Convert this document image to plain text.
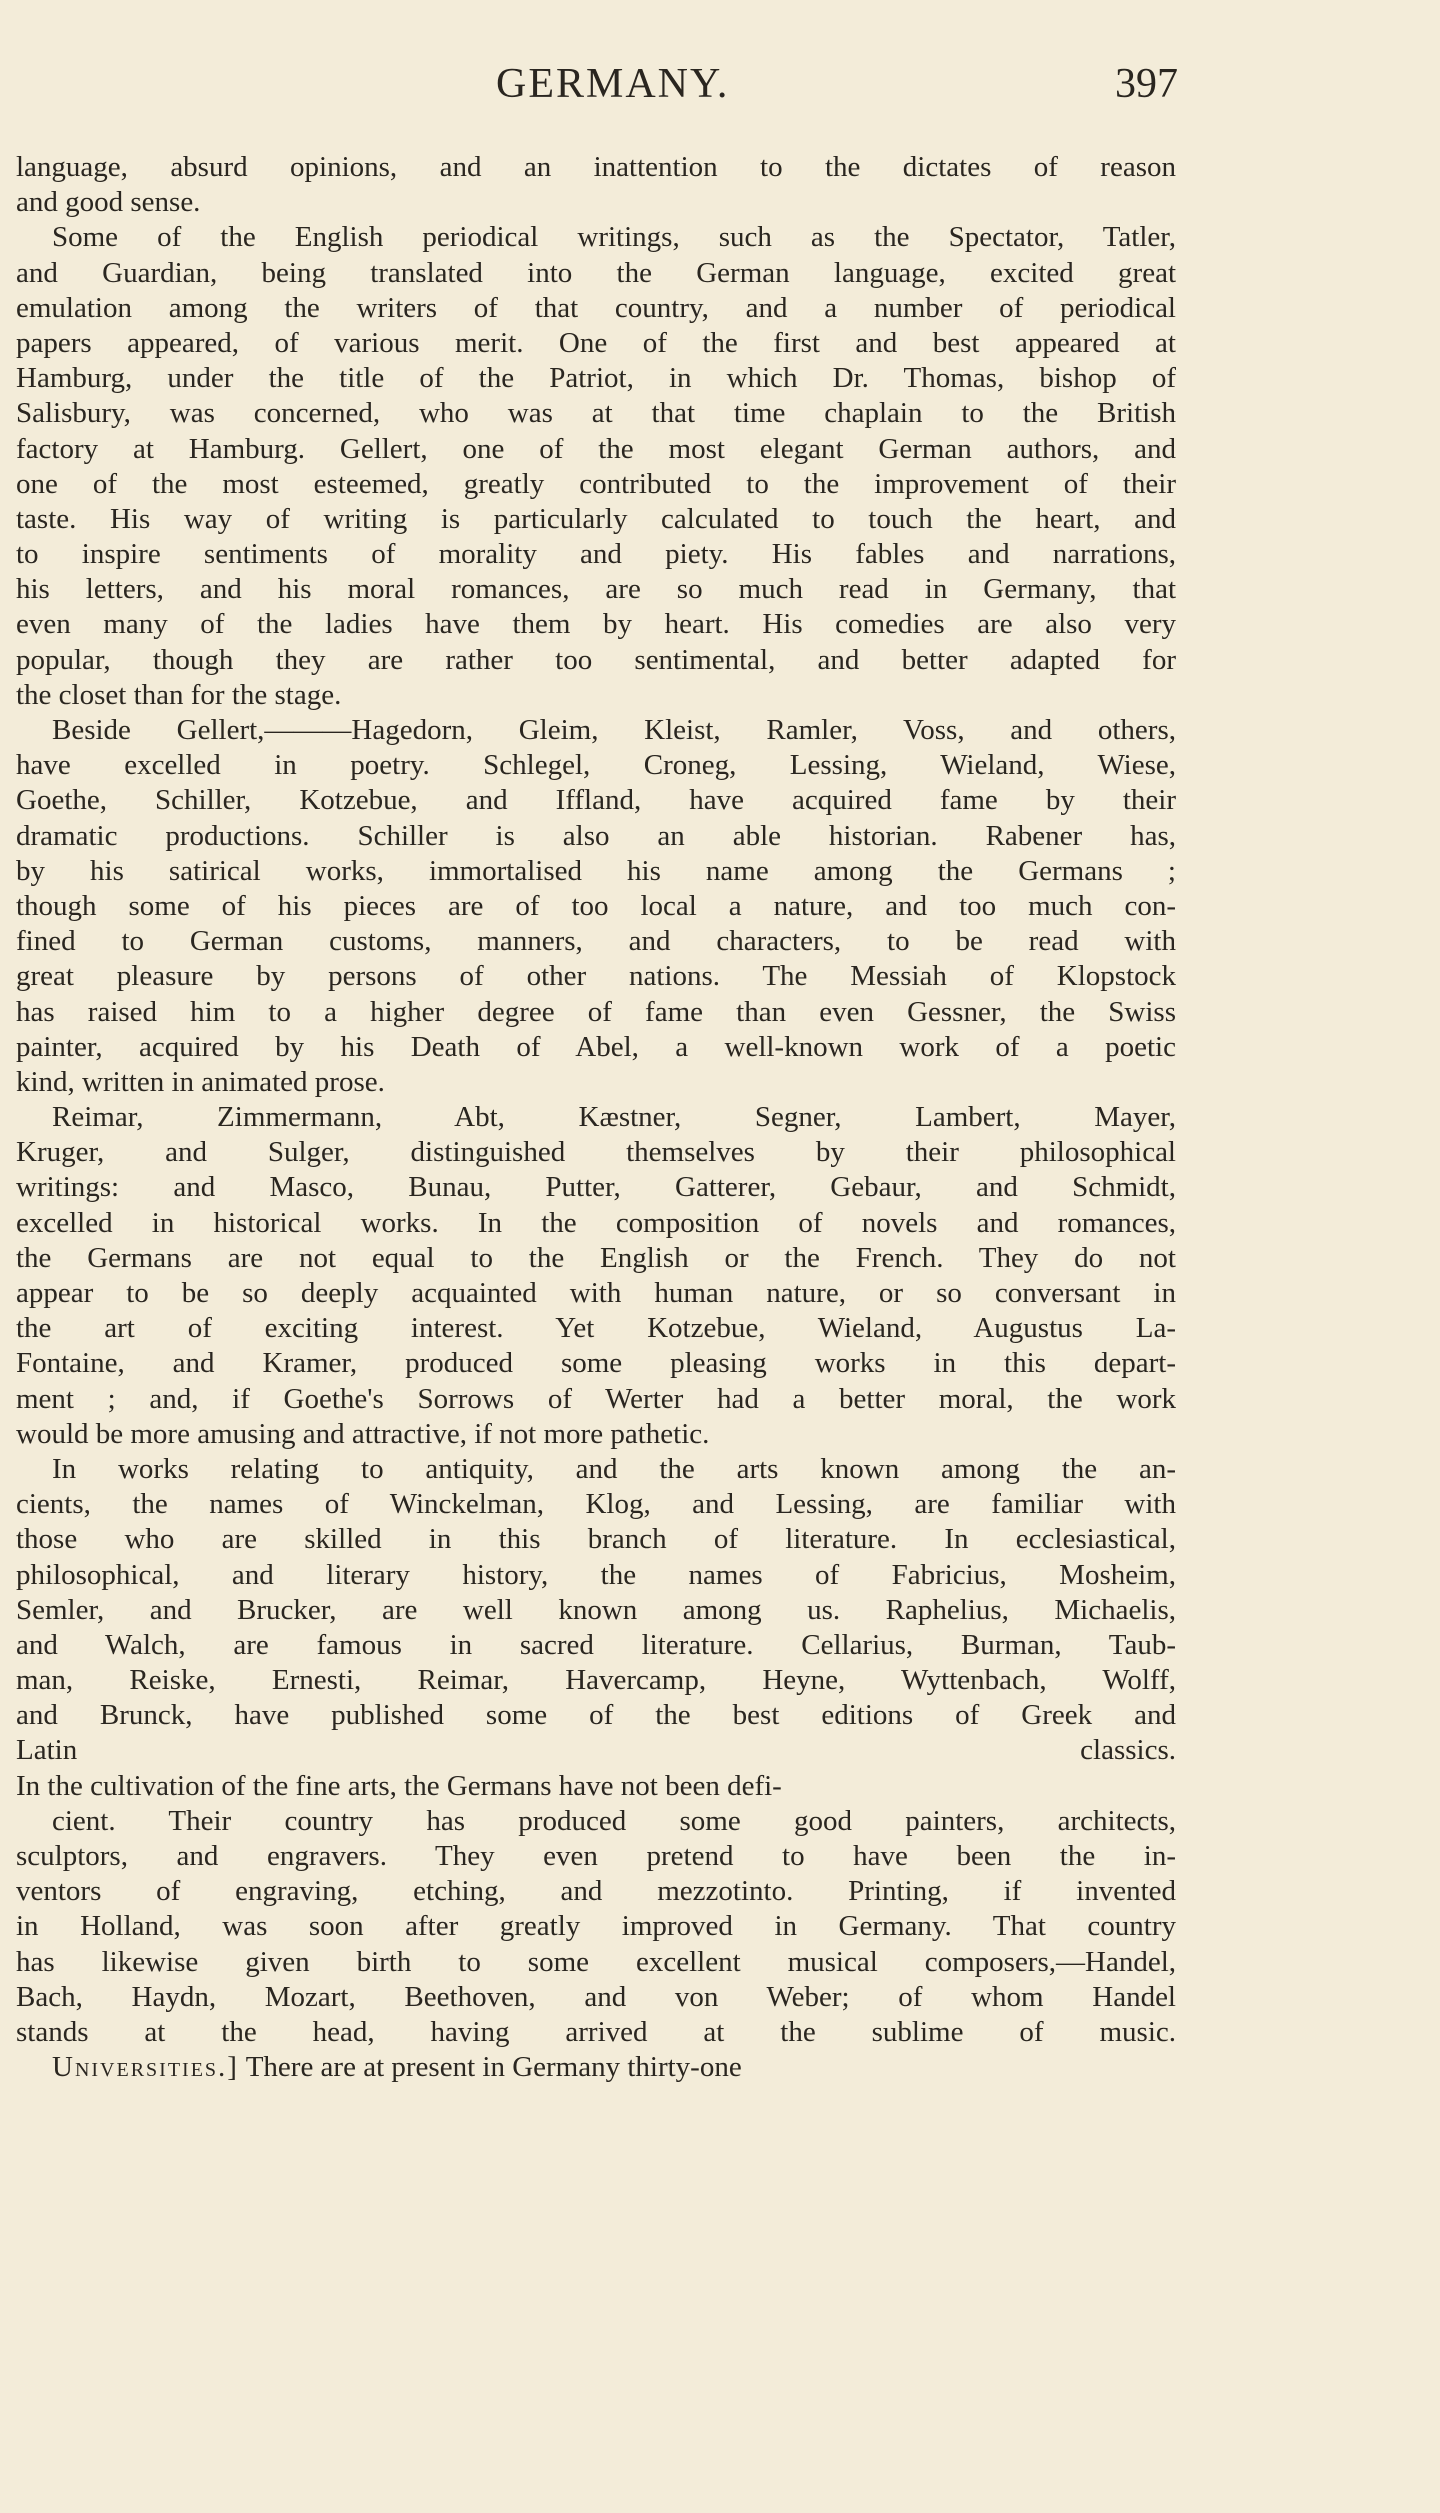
GERMANY.	397
language, absurd opinions, and an inattention to the dictates of reason
and good sense.
Some of the English periodical writings, such as the Spectator, Tatler,
and Guardian, being translated into the German language, excited great
emulation among the writers of that country, and a number of periodical
papers appeared, of various merit. One of the first and best appeared at
Hamburg, under the title of the Patriot, in which Dr. Thomas, bishop of
Salisbury, was concerned, who was at that time chaplain to the British
factory at Hamburg. Gellert, one of the most elegant German authors, and
one of the most esteemed, greatly contributed to the improvement of their
taste. His way of writing is particularly calculated to touch the heart, and
to inspire sentiments of morality and piety. His fables and narrations,
his letters, and his moral romances, are so much read in Germany, that
even many of the ladies have them by heart. His comedies are also very
popular, though they are rather too sentimental, and better adapted for
the closet than for the stage.
Beside Gellert,———Hagedorn, Gleim, Kleist, Ramler, Voss, and others,
have excelled in poetry. Schlegel, Croneg, Lessing, Wieland, Wiese,
Goethe, Schiller, Kotzebue, and Iffland, have acquired fame by their
dramatic productions. Schiller is also an able historian. Rabener has,
by his satirical works, immortalised his name among the Germans ;
though some of his pieces are of too local a nature, and too much con-
fined to German customs, manners, and characters, to be read with
great pleasure by persons of other nations. The Messiah of Klopstock
has raised him to a higher degree of fame than even Gessner, the Swiss
painter, acquired by his Death of Abel, a well-known work of a poetic
kind, written in animated prose.
Reimar, Zimmermann, Abt, Kæstner, Segner, Lambert, Mayer,
Kruger, and Sulger, distinguished themselves by their philosophical
writings: and Masco, Bunau, Putter, Gatterer, Gebaur, and Schmidt,
excelled in historical works. In the composition of novels and romances,
the Germans are not equal to the English or the French. They do not
appear to be so deeply acquainted with human nature, or so conversant in
the art of exciting interest. Yet Kotzebue, Wieland, Augustus La-
Fontaine, and Kramer, produced some pleasing works in this depart-
ment ; and, if Goethe's Sorrows of Werter had a better moral, the work
would be more amusing and attractive, if not more pathetic.
In works relating to antiquity, and the arts known among the an-
cients, the names of Winckelman, Klog, and Lessing, are familiar with
those who are skilled in this branch of literature. In ecclesiastical,
philosophical, and literary history, the names of Fabricius, Mosheim,
Semler, and Brucker, are well known among us. Raphelius, Michaelis,
and Walch, are famous in sacred literature. Cellarius, Burman, Taub-
man, Reiske, Ernesti, Reimar, Havercamp, Heyne, Wyttenbach, Wolff,
and Brunck, have published some of the best editions of Greek and
Latin classics.
In the cultivation of the fine arts, the Germans have not been defi-
cient. Their country has produced some good painters, architects,
sculptors, and engravers. They even pretend to have been the in-
ventors of engraving, etching, and mezzotinto. Printing, if invented
in Holland, was soon after greatly improved in Germany. That country
has likewise given birth to some excellent musical composers,—Handel,
Bach, Haydn, Mozart, Beethoven, and von Weber; of whom Handel
stands at the head, having arrived at the sublime of music.
Universities.] There are at present in Germany thirty-one
